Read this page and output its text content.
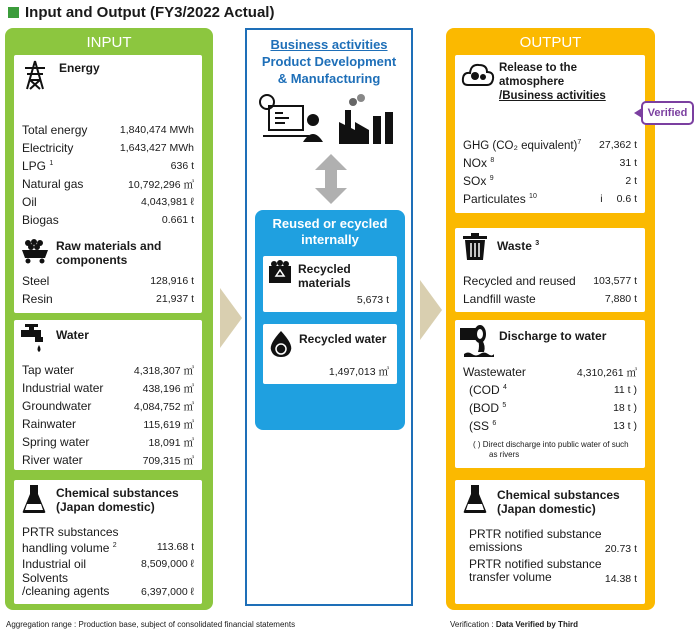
Input and Output (FY3/2022 Actual)
INPUT
Energy
Total energy	1,840,474 MWh
Electricity	1,643,427 MWh
LPG $^1$	636 t
Natural gas	10,792,296 ㎥
Oil	4,043,981 ℓ
Biogas	0.661 t
Raw materials and
components
Steel	128,916 t
Resin	21,937 t
Water
Tap water	4,318,307 ㎥
Industrial water	438,196 ㎥
Groundwater	4,084,752 ㎥
Rainwater	115,619 ㎥
Spring water	18,091 ㎥
River water	709,315 ㎥
Chemical substances
(Japan domestic)
PRTR substances
handling volume $^2$	113.68 t
Industrial oil	8,509,000 ℓ
Solvents
/cleaning agents	6,397,000 ℓ
Business activities
Product Development
& Manufacturing
Reused or ecycled
internally
Recycled
materials
5,673 t
Recycled water
1,497,013 ㎥
OUTPUT
Release to the atmosphere
/Business activities
GHG (CO₂ equivalent)$^7$ 27,362 t
NOx $^8$	31 t
SOx $^9$	2 t
Particulates $^{10}$	i 0.6 t
Waste $^3$
Recycled and reused 103,577 t
Landfill waste	7,880 t
Discharge to water
Wastewater	4,310,261 ㎥
(COD $^4$	11 t )
(BOD $^5$	18 t )
(SS $^6$	13 t )
( ) Direct discharge into public water of such
as rivers
Chemical substances
(Japan domestic)
PRTR notified substance
emissions	20.73 t
PRTR notified substance
transfer volume	14.38 t
Verified
Aggregation range : Production base, subject of consolidated financial statements	Verification : Data Verified by Third
